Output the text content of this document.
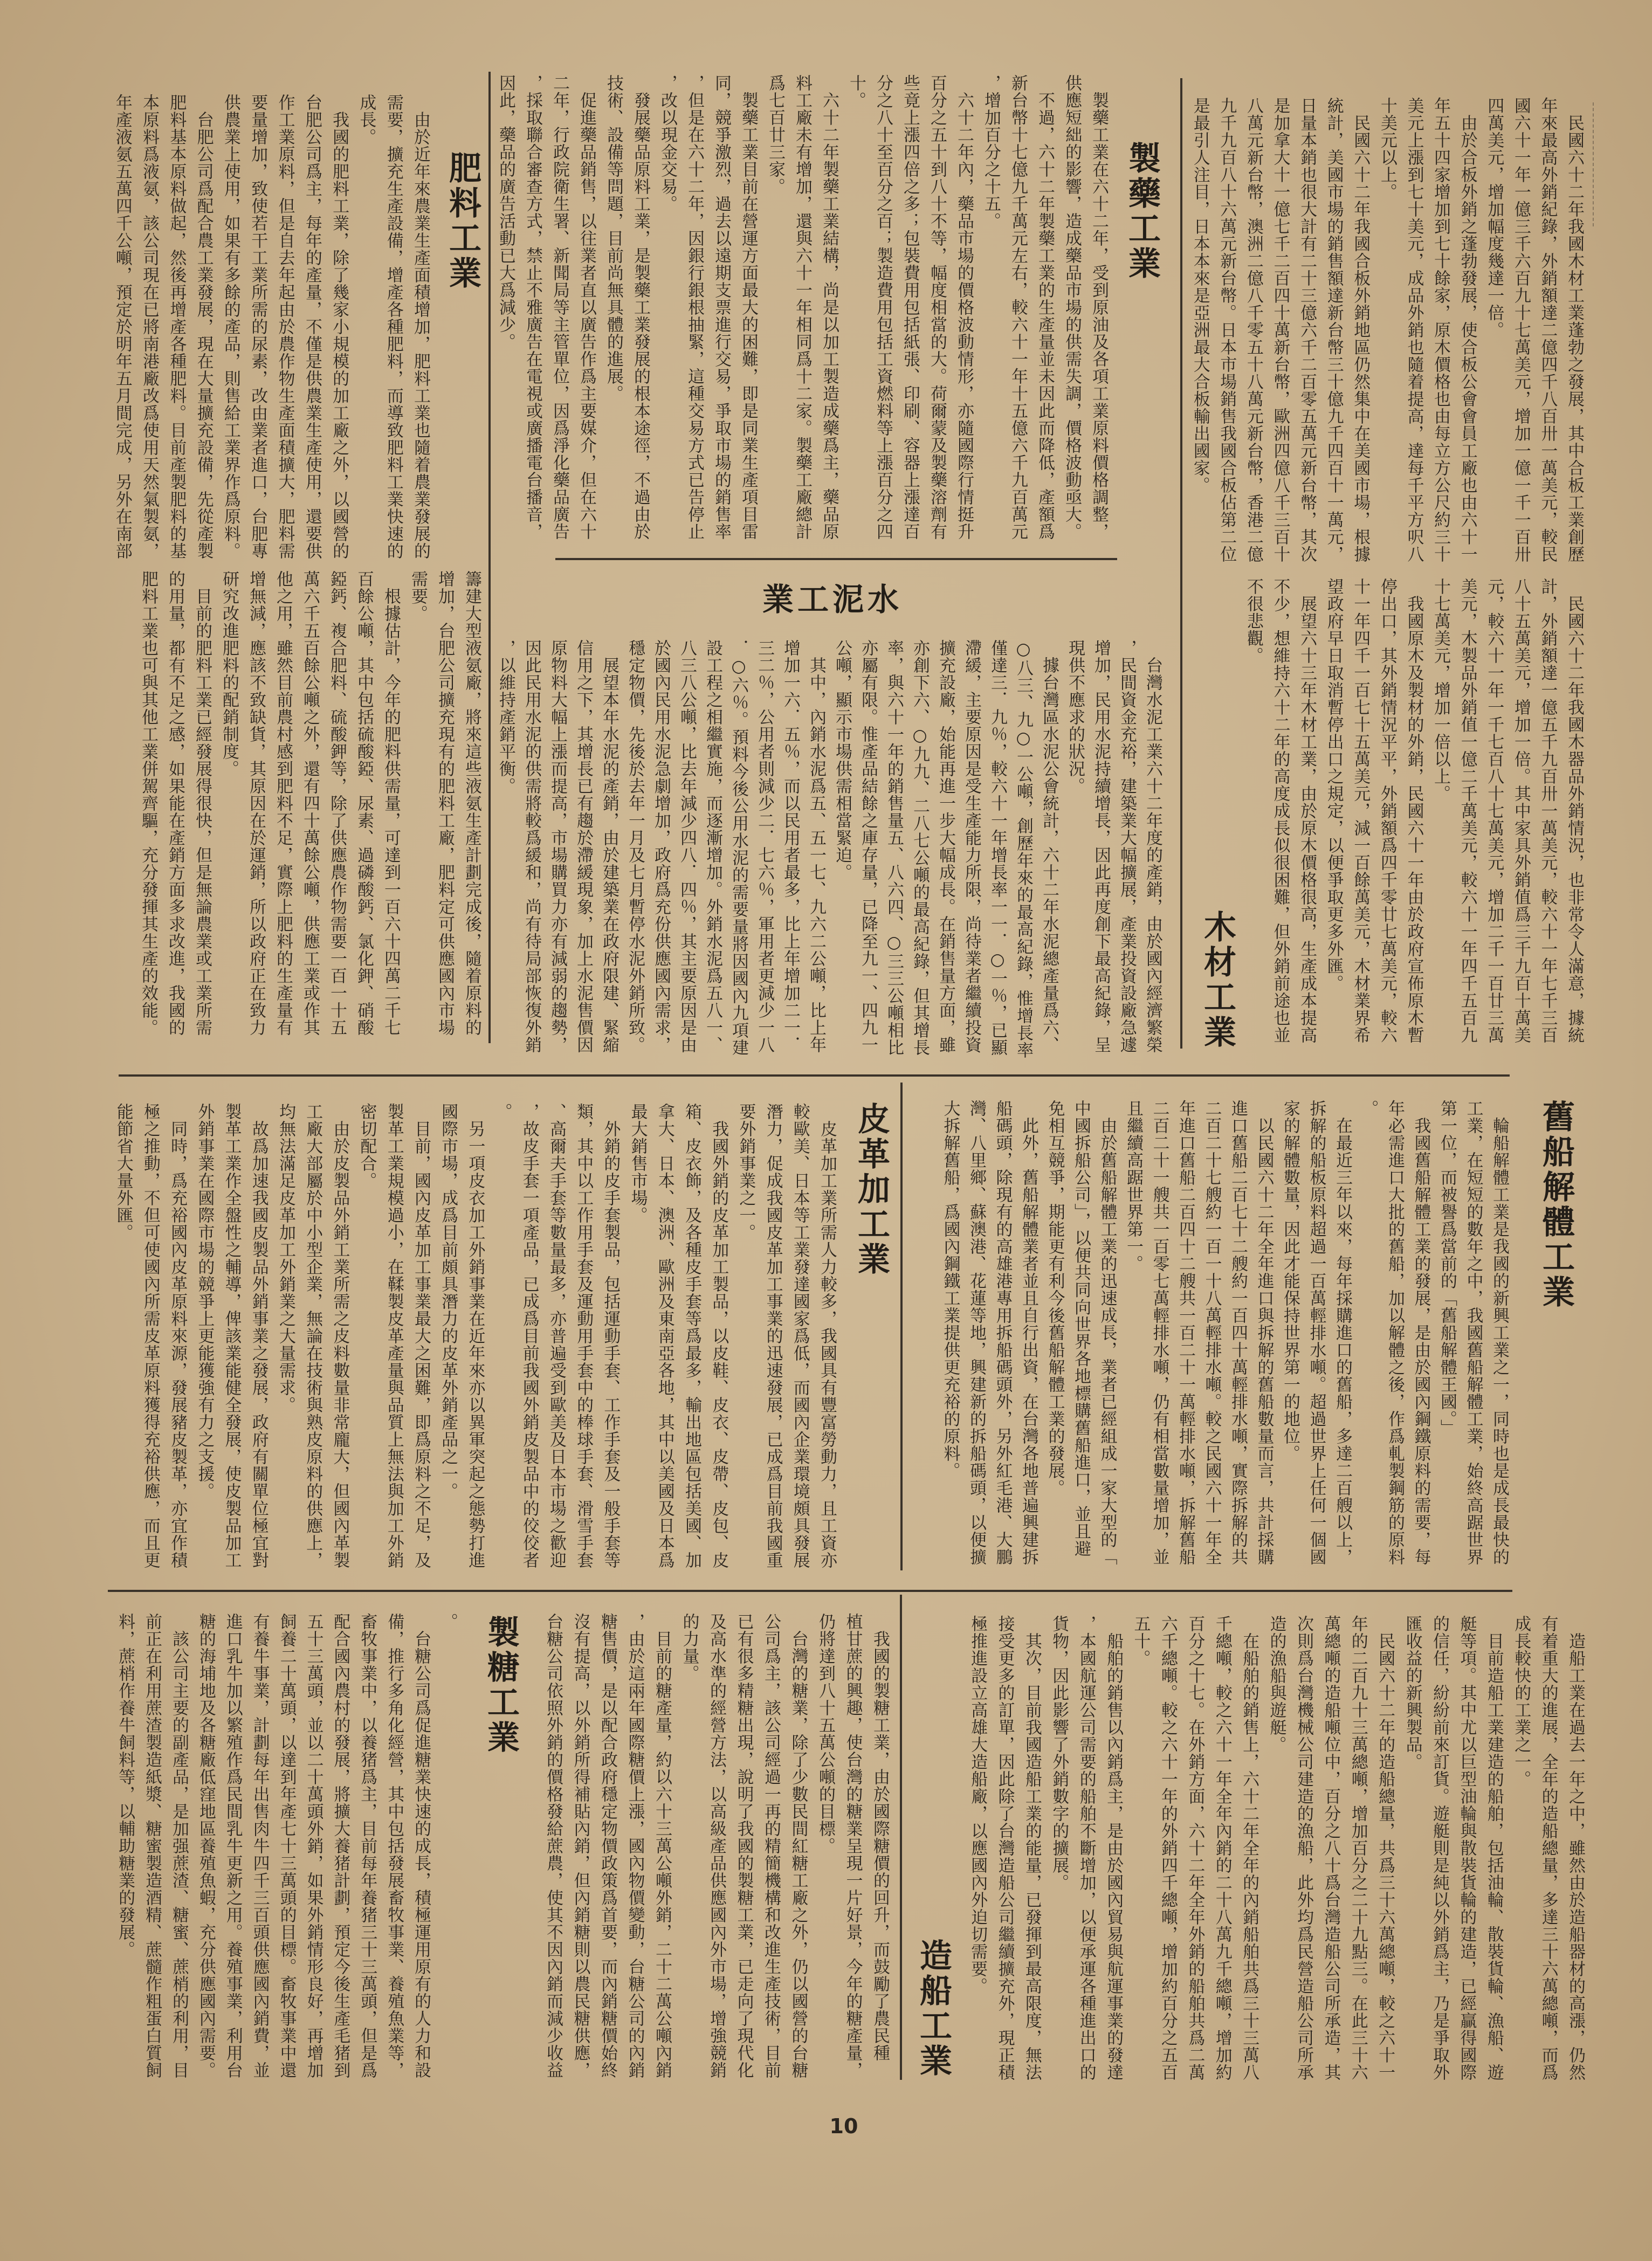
　民國六十二年我國木材工業蓬勃之發展，其中合板工業創歷
年來最高外銷紀錄，外銷額達二億四千八百卅一萬美元，較民
國六十一年一億三千六百九十七萬美元，增加一億一千一百卅
四萬美元，增加幅度幾達一倍。
　由於合板外銷之蓬勃發展，使合板公會會員工廠也由六十一
年五十四家增加到七十餘家，原木價格也由每立方公尺約三十
美元上漲到七十美元，成品外銷也隨着提高，達每千平方呎八
十美元以上。
　民國六十二年我國合板外銷地區仍然集中在美國市場，根據
統計，美國市場的銷售額達新台幣三十億九千四百十一萬元，
日量本銷也很大計有二十三億六千二百零五萬元新台幣，其次
是加拿大十一億七千二百四十萬新台幣，歐洲四億八千三百十
八萬元新台幣，澳洲二億八千零五十八萬元新台幣，香港二億
九千九百八十六萬元新台幣。日本市場銷售我國合板佔第二位
是最引人注目，日本本來是亞洲最大合板輸出國家。
　民國六十二年我國木器品外銷情況，也非常令人滿意，據統
計，外銷額達一億五千九百卅一萬美元，較六十一年七千三百
八十五萬美元，增加一倍。其中家具外銷值爲三千九百十萬美
元，較六十一年一千七百八十七萬美元，增加二千一百廿三萬
美元，木製品外銷值一億二千萬美元，較六十一年四千五百九
十七萬美元，增加一倍以上。
　我國原木及製材的外銷，民國六十一年由於政府宣佈原木暫
停出口，其外銷情況平平，外銷額爲四千零廿七萬美元，較六
十一年四千一百七十五萬美元，減一百餘萬美元，木材業界希
望政府早日取消暫停出口之規定，以便爭取更多外匯。
　展望六十三年木材工業，由於原木價格很高，生產成本提高
不少，想維持六十二年的高度成長似很困難，但外銷前途也並
不很悲觀。
木材工業
　製藥工業在六十二年，受到原油及各項工業原料價格調整，
供應短絀的影響，造成藥品市場的供需失調，價格波動亟大。
　不過，六十二年製藥工業的生產量並未因此而降低，產額爲
新台幣十七億九千萬元左右，較六十一年十五億六千九百萬元
，增加百分之十五。
　六十二年內，藥品市場的價格波動情形，亦隨國際行情挺升
百分之五十到八十不等，幅度相當的大。荷爾蒙及製藥溶劑有
些竟上漲四倍之多；包裝費用包括紙張、印刷、容器上漲達百
分之八十至百分之百；製造費用包括工資燃料等上漲百分之四
十。
　六十二年製藥工業結構，尚是以加工製造成藥爲主，藥品原
料工廠未有增加，還與六十一年相同爲十二家。製藥工廠總計
爲七百廿三家。
　製藥工業目前在營運方面最大的困難，即是同業生產項目雷
同，競爭激烈，過去以遠期支票進行交易，爭取市場的銷售率
，但是在六十二年，因銀行銀根抽緊，這種交易方式已告停止
，改以現金交易。
　發展藥品原料工業，是製藥工業發展的根本途徑，不過由於
技術、設備等問題，目前尚無具體的進展。
　促進藥品銷售，以往業者直以廣告作爲主要媒介，但在六十
二年，行政院衛生署、新聞局等主管單位，因爲淨化藥品廣告
，採取聯合審查方式，禁止不雅廣告在電視或廣播電台播音，
因此，藥品的廣告活動已大爲減少。	製藥工業
水泥工業
　台灣水泥工業六十二年度的產銷，由於國內經濟繁榮
，民間資金充裕，建築業大幅擴展，產業投資設廠急遽
增加，民用水泥持續增長，因此再度創下最高紀錄，呈
現供不應求的狀況。
　據台灣區水泥公會統計，六十二年水泥總產量爲六、
○八三、九○一公噸，創歷年來的最高紀錄，惟增長率
僅達三．九％，較六十一年增長率一一．○一％，已顯
滯緩，主要原因是受生產能力所限，尚待業者繼續投資
擴充設廠，始能再進一步大幅成長。在銷售量方面，雖
亦創下六、○九九、二八七公噸的最高紀錄，但其增長
率，與六十一年的銷售量五、八六四、○三三公噸相比
亦屬有限。惟產品結餘之庫存量，已降至九一、四九一
公噸，顯示市場供需相當緊迫。
　其中，內銷水泥爲五、五一七、九六二公噸，比上年
增加一六．五％，而以民用者最多，比上年增加二一．
三二％，公用者則減少二．七六％，軍用者更減少一八
．○六％。預料今後公用水泥的需要量將因國內九項建
設工程之相繼實施，而逐漸增加。外銷水泥爲五八一、
八三八公噸，比去年減少四八．四％，其主要原因是由
於國內民用水泥急劇增加，政府爲充份供應國內需求，
穩定物價，先後於去年一月及七月暫停水泥外銷所致。
　展望本年水泥的產銷，由於建築業在政府限建、緊縮
信用之下，其增長已有趨於滯緩現象，加上水泥售價因
原物料大幅上漲而提高，市場購買力亦有減弱的趨勢，
因此民用水泥的供需將較爲緩和，尚有待局部恢復外銷
，以維持產銷平衡。
　由於近年來農業生產面積增加，肥料工業也隨着農業發展的
需要，擴充生產設備，增產各種肥料，而導致肥料工業快速的
成長。
　我國的肥料工業，除了幾家小規模的加工廠之外，以國營的
台肥公司爲主，每年的產量，不僅是供農業生產使用，還要供
作工業原料，但是自去年起由於農作物生產面積擴大，肥料需
要量增加，致使若干工業所需的尿素，改由業者進口，台肥專
供農業上使用，如果有多餘的產品，則售給工業界作爲原料。
　台肥公司爲配合農工業發展，現在大量擴充設備，先從產製
肥料基本原料做起，然後再增產各種肥料。目前產製肥料的基
本原料爲液氨，該公司現在已將南港廠改爲使用天然氣製氨，
年產液氨五萬四千公噸，預定於明年五月間完成，另外在南部
籌建大型液氨廠，將來這些液氨生產計劃完成後，隨着原料的
增加，台肥公司擴充現有的肥料工廠，肥料定可供應國內市場
需要。
　根據估計，今年的肥料供需量，可達到一百六十四萬二千七
百餘公噸，其中包括硫酸錏、尿素、過磷酸鈣、氯化鉀、硝酸
錏鈣、複合肥料、硫酸鉀等，除了供應農作物需要一百一十五
萬六千五百餘公噸之外，還有四十萬餘公噸，供應工業或作其
他之用，雖然目前農村感到肥料不足，實際上肥料的生產量有
增無減，應該不致缺貨，其原因在於運銷，所以政府正在致力
研究改進肥料的配銷制度。
　目前的肥料工業已經發展得很快，但是無論農業或工業所需
的用量，都有不足之感，如果能在產銷方面多求改進，我國的
肥料工業也可與其他工業併駕齊驅，充分發揮其生產的效能。
肥料工業
　輪船解體工業是我國的新興工業之一，同時也是成長最快的
工業，在短短的數年之中，我國舊船解體工業，始終高踞世界
第一位，而被譽爲當前的「舊船解體王國。」
　我國舊船解體工業的發展，是由於國內鋼鐵原料的需要，每
年必需進口大批的舊船，加以解體之後，作爲軋製鋼筋的原料
。
　在最近三年以來，每年採購進口的舊船，多達二百艘以上，
拆解的船板原料超過一百萬輕排水噸。超過世界上任何一個國
家的解體數量，因此才能保持世界第一的地位。
　以民國六十二年全年進口與拆解的舊船數量而言，共計採購
進口舊船二百七十二艘約一百四十萬輕排水噸，實際拆解的共
二百二十七艘約一百一十八萬輕排水噸。較之民國六十一年全
年進口舊船二百四十二艘共一百二十一萬輕排水噸，拆解舊船
二百二十一艘共一百零七萬輕排水噸，仍有相當數量增加，並
且繼續高踞世界第一。
　由於舊船解體工業的迅速成長，業者已經組成一家大型的「
中國拆船公司」，以便共同向世界各地標購舊船進口，並且避
免相互競爭，期能更有利今後舊船解體工業的發展。
　此外，舊船解體業者並且自行出資，在台灣各地普遍興建拆
船碼頭，除現有的高雄港專用拆船碼頭外，另外紅毛港、大鵬
灣、八里鄉、蘇澳港、花蓮等地，興建新的拆船碼頭，以便擴
大拆解舊船，爲國內鋼鐵工業提供更充裕的原料。	舊船解體工業
　皮革加工業所需人力較多，我國具有豐富勞動力，且工資亦
較歐美、日本等工業發達國家爲低，而國內企業環境頗具發展
潛力，促成我國皮革加工事業的迅速發展，已成爲目前我國重
要外銷事業之一。
　我國外銷的皮革加工製品，以皮鞋、皮衣、皮帶、皮包、皮
箱、皮衣飾，及各種皮手套等爲最多，輸出地區包括美國、加
拿大、日本、澳洲、歐洲及東南亞各地，其中以美國及日本爲
最大銷售市場。
　外銷的皮手套製品，包括運動手套、工作手套及一般手套等
類，其中以工作用手套及運動用手套中的棒球手套、滑雪手套
、高爾夫手套等數量最多，亦普遍受到歐美及日本市場之歡迎
，故皮手套一項產品，已成爲目前我國外銷皮製品中的佼佼者
。
　另一項皮衣加工外銷事業在近年來亦以異軍突起之態勢打進
國際市場，成爲目前頗具潛力的皮革外銷產品之一。
　目前，國內皮革加工事業最大之困難，即爲原料之不足，及
製革工業規模過小，在鞣製皮革產量與品質上無法與加工外銷
密切配合。
　由於皮製品外銷工業所需之皮料數量非常龐大，但國內革製
工廠大部屬於中小型企業，無論在技術與熟皮原料的供應上，
均無法滿足皮革加工外銷業之大量需求。
　故爲加速我國皮製品外銷事業之發展，政府有關單位極宜對
製革工業作全盤性之輔導，俾該業能健全發展，使皮製品加工
外銷事業在國際市場的競爭上更能獲強有力之支援。
　同時，爲充裕國內皮革原料來源，發展豬皮製革，亦宜作積
極之推動，不但可使國內所需皮革原料獲得充裕供應，而且更
能節省大量外匯。	皮革加工業
　造船工業在過去一年之中，雖然由於造船器材的高漲，仍然
有着重大的進展，全年的造船總量，多達三十六萬總噸，而爲
成長較快的工業之一。
　目前造船工業建造的船舶，包括油輪、散裝貨輪、漁船、遊
艇等項。其中尤以巨型油輪與散裝貨輪的建造，已經贏得國際
的信任，紛紛前來訂貨。遊艇則是純以外銷爲主，乃是爭取外
匯收益的新興製品。
　民國六十二年的造船總量，共爲三十六萬總噸，較之六十一
年的二百九十三萬總噸，增加百分之二十九點三。在此三十六
萬總噸的造船噸位中，百分之八十爲台灣造船公司所承造，其
次則爲台灣機械公司建造的漁船，此外均爲民營造船公司所承
造的漁船與遊艇。
　在船舶的銷售上，六十二年全年的內銷船舶共爲三十三萬八
千總噸，較之六十一年全年內銷的二十八萬九千總噸，增加約
百分之十七。在外銷方面，六十二年全年外銷的船舶共爲二萬
六千總噸。較之六十一年的外銷四千總噸，增加約百分之五百
五十。
　船舶的銷售以內銷爲主，是由於國內貿易與航運事業的發達
，本國航運公司需要的船舶不斷增加，以便承運各種進出口的
貨物，因此影響了外銷數字的擴展。
　其次，目前我國造船工業的能量，已發揮到最高限度，無法
接受更多的訂單，因此除了台灣造船公司繼續擴充外，現正積
極推進設立高雄大造船廠，以應國內外迫切需要。
造船工業
　我國的製糖工業，由於國際糖價的回升，而鼓勵了農民種
植甘蔗的興趣，使台灣的糖業呈現一片好景，今年的糖產量，
仍將達到八十五萬公噸的目標。
　台灣的糖業，除了少數民間紅糖工廠之外，仍以國營的台糖
公司爲主，該公司經過一再的精簡機構和改進生產技術，目前
已有很多精糖出現，說明了我國的製糖工業，已走向了現代化
及高水準的經營方法，以高級產品供應國內外市場，增強競銷
的力量。
　目前的糖產量，約以六十三萬公噸外銷，二十二萬公噸內銷
，由於這兩年國際糖價上漲，國內物價變動，台糖公司的內銷
糖售價，是以配合政府穩定物價政策爲首要，而內銷糖價始終
沒有提高，以外銷所得補貼內銷，但內銷糖則以農民糖供應，
台糖公司依照外銷的價格發給蔗農，使其不因內銷而減少收益
製糖工業
。
　台糖公司爲促進糖業快速的成長，積極運用原有的人力和設
備，推行多角化經營，其中包括發展畜牧事業、養殖魚業等，
畜牧事業中，以養猪爲主，目前每年養猪三十三萬頭，但是爲
配合國內農村的發展，將擴大養猪計劃，預定今後生產毛猪到
五十三萬頭，並以二十萬頭外銷，如果外銷情形良好，再增加
飼養二十萬頭，以達到年產七十三萬頭的目標。畜牧事業中還
有養牛事業，計劃每年出售肉牛四千三百頭供應國內銷費，並
進口乳牛加以繁殖作爲民間乳牛更新之用。養殖事業，利用台
糖的海埔地及各糖廠低窪地區養殖魚蝦，充分供應國內需要。
　該公司主要的副產品，是加强蔗渣、糖蜜、蔗梢的利用，目
前正在利用蔗渣製造紙漿、糖蜜製造酒精、蔗髓作粗蛋白質飼
料，蔗梢作養牛飼料等，以輔助糖業的發展。
10
